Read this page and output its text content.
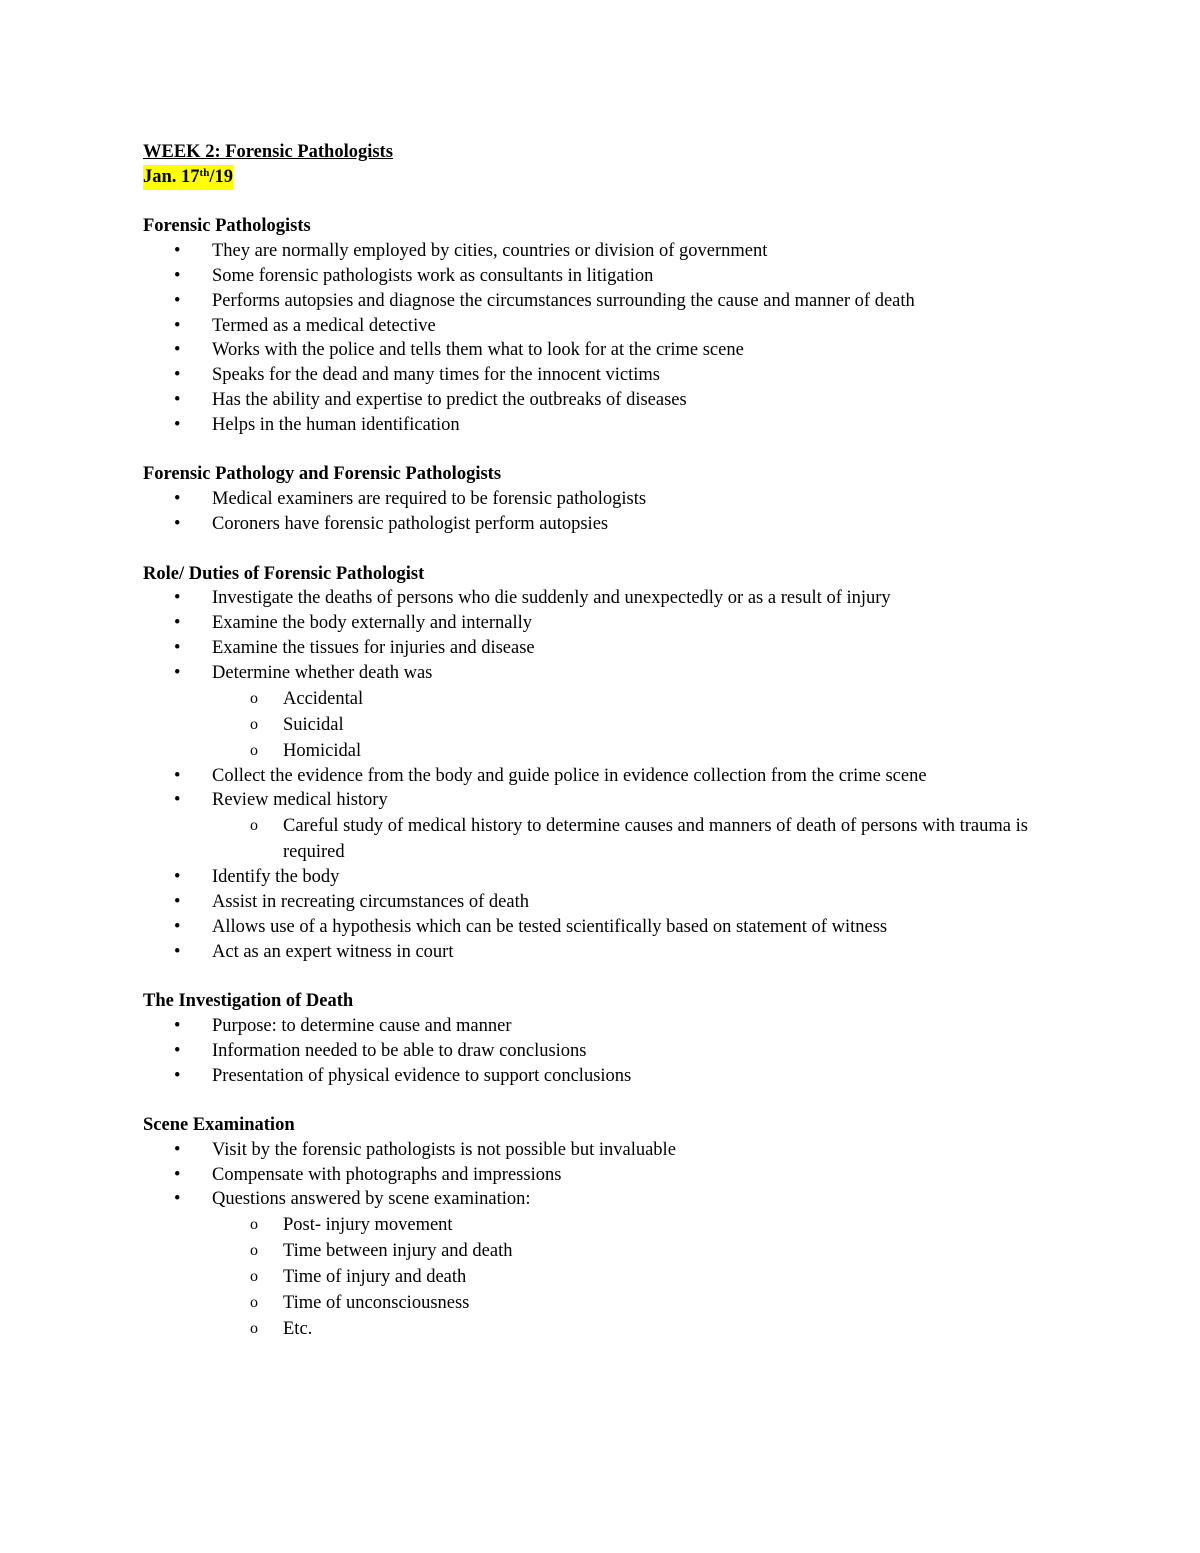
WEEK 2: Forensic Pathologists
Jan. 17th/19
Forensic Pathologists
• They are normally employed by cities, countries or division of government
• Some forensic pathologists work as consultants in litigation
• Performs autopsies and diagnose the circumstances surrounding the cause and manner of death
• Termed as a medical detective
• Works with the police and tells them what to look for at the crime scene
• Speaks for the dead and many times for the innocent victims
• Has the ability and expertise to predict the outbreaks of diseases
• Helps in the human identification
Forensic Pathology and Forensic Pathologists
• Medical examiners are required to be forensic pathologists
• Coroners have forensic pathologist perform autopsies
Role/ Duties of Forensic Pathologist
• Investigate the deaths of persons who die suddenly and unexpectedly or as a result of injury
• Examine the body externally and internally
• Examine the tissues for injuries and disease
• Determine whether death was
o Accidental
o Suicidal
o Homicidal
• Collect the evidence from the body and guide police in evidence collection from the crime scene
• Review medical history
o Careful study of medical history to determine causes and manners of death of persons with trauma is required
• Identify the body
• Assist in recreating circumstances of death
• Allows use of a hypothesis which can be tested scientifically based on statement of witness
• Act as an expert witness in court
The Investigation of Death
• Purpose: to determine cause and manner
• Information needed to be able to draw conclusions
• Presentation of physical evidence to support conclusions
Scene Examination
• Visit by the forensic pathologists is not possible but invaluable
• Compensate with photographs and impressions
• Questions answered by scene examination:
o Post- injury movement
o Time between injury and death
o Time of injury and death
o Time of unconsciousness
o Etc.
